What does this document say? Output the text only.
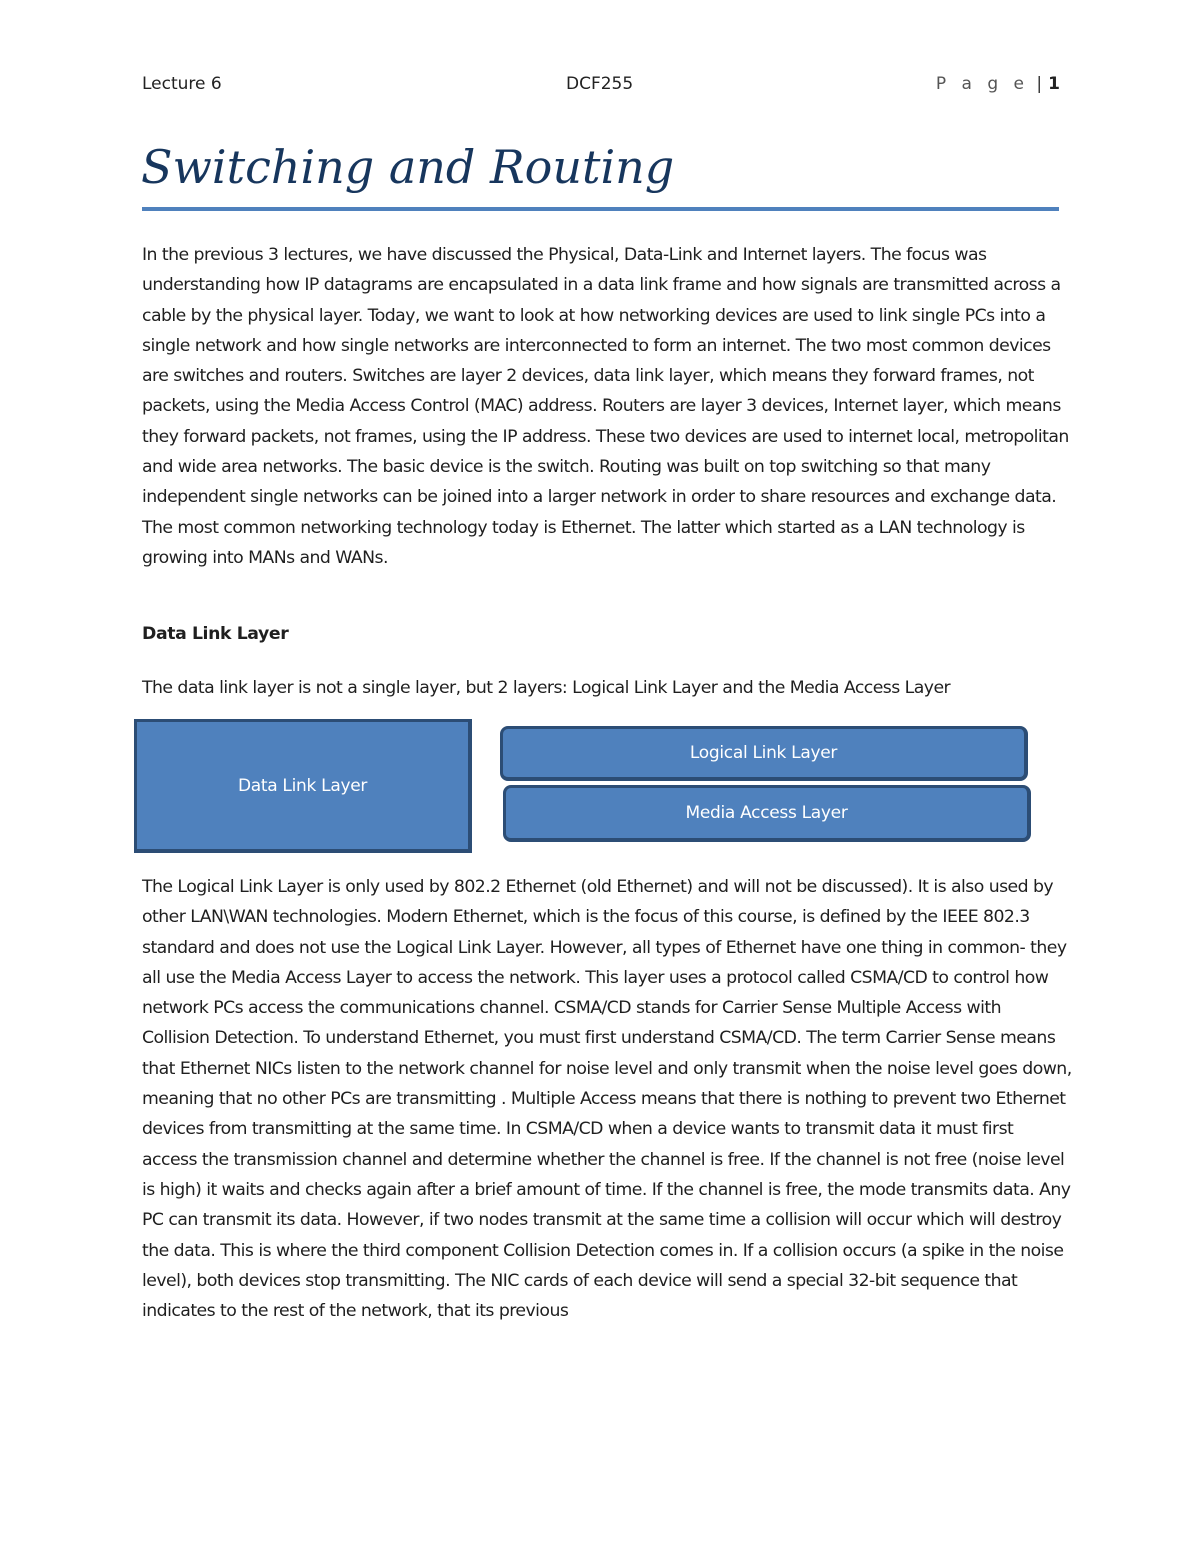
Lecture 6	DCF255	P a g e | 1
Switching and Routing

In the previous 3 lectures, we have discussed the Physical, Data-Link and Internet layers. The focus was understanding how IP datagrams are encapsulated in a data link frame and how signals are transmitted across a cable by the physical layer. Today, we want to look at how networking devices are used to link single PCs into a single network and how single networks are interconnected to form an internet. The two most common devices are switches and routers. Switches are layer 2 devices, data link layer, which means they forward frames, not packets, using the Media Access Control (MAC) address. Routers are layer 3 devices, Internet layer, which means they forward packets, not frames, using the IP address. These two devices are used to internet local, metropolitan and wide area networks. The basic device is the switch. Routing was built on top switching so that many independent single networks can be joined into a larger network in order to share resources and exchange data. The most common networking technology today is Ethernet. The latter which started as a LAN technology is growing into MANs and WANs.

Data Link Layer

The data link layer is not a single layer, but 2 layers: Logical Link Layer and the Media Access Layer

Data Link Layer
Logical Link Layer
Media Access Layer

The Logical Link Layer is only used by 802.2 Ethernet (old Ethernet) and will not be discussed). It is also used by other LAN\WAN technologies. Modern Ethernet, which is the focus of this course, is defined by the IEEE 802.3 standard and does not use the Logical Link Layer. However, all types of Ethernet have one thing in common- they all use the Media Access Layer to access the network. This layer uses a protocol called CSMA/CD to control how network PCs access the communications channel. CSMA/CD stands for Carrier Sense Multiple Access with Collision Detection. To understand Ethernet, you must first understand CSMA/CD. The term Carrier Sense means that Ethernet NICs listen to the network channel for noise level and only transmit when the noise level goes down, meaning that no other PCs are transmitting . Multiple Access means that there is nothing to prevent two Ethernet devices from transmitting at the same time. In CSMA/CD when a device wants to transmit data it must first access the transmission channel and determine whether the channel is free. If the channel is not free (noise level is high) it waits and checks again after a brief amount of time. If the channel is free, the mode transmits data. Any PC can transmit its data. However, if two nodes transmit at the same time a collision will occur which will destroy the data. This is where the third component Collision Detection comes in. If a collision occurs (a spike in the noise level), both devices stop transmitting. The NIC cards of each device will send a special 32-bit sequence that indicates to the rest of the network, that its previous
